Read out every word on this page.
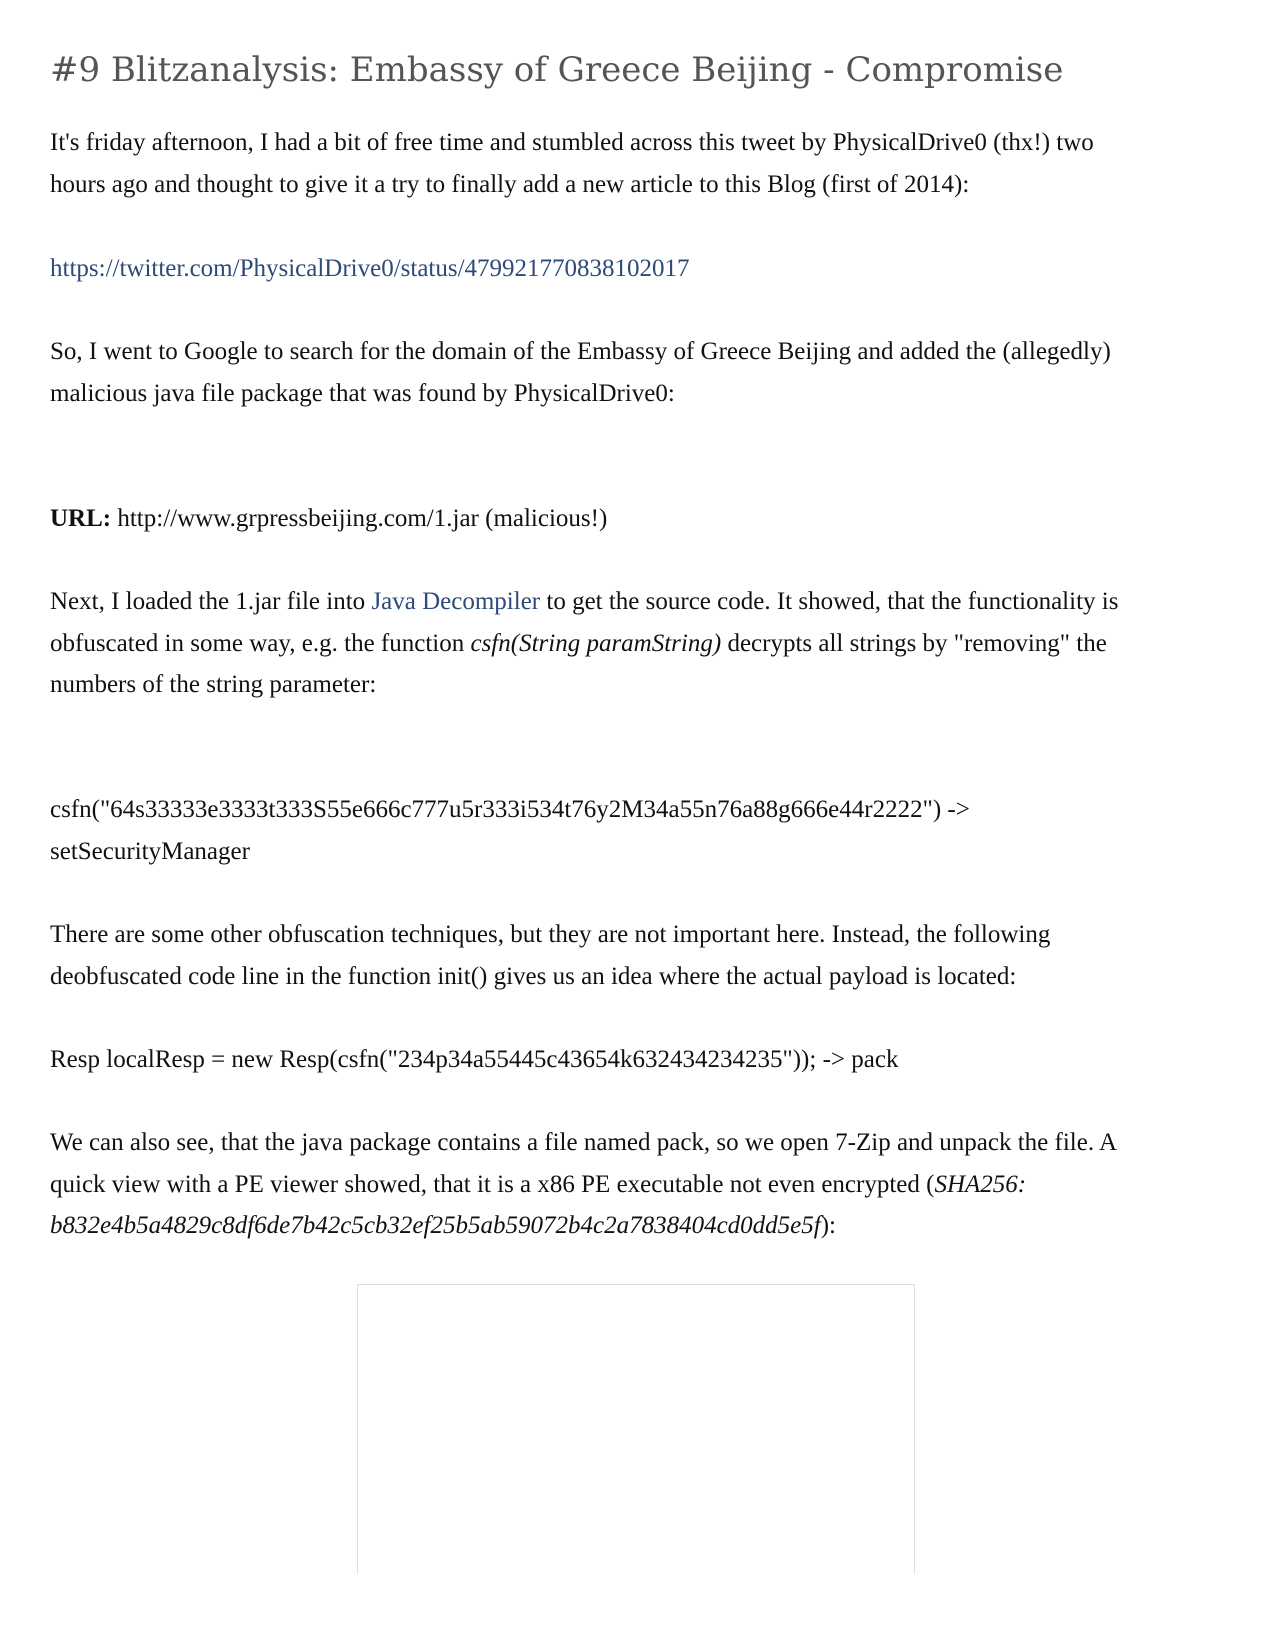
#9 Blitzanalysis: Embassy of Greece Beijing - Compromise

It's friday afternoon, I had a bit of free time and stumbled across this tweet by PhysicalDrive0 (thx!) two
hours ago and thought to give it a try to finally add a new article to this Blog (first of 2014):

https://twitter.com/PhysicalDrive0/status/479921770838102017

So, I went to Google to search for the domain of the Embassy of Greece Beijing and added the (allegedly)
malicious java file package that was found by PhysicalDrive0:

URL: http://www.grpressbeijing.com/1.jar (malicious!)

Next, I loaded the 1.jar file into Java Decompiler to get the source code. It showed, that the functionality is
obfuscated in some way, e.g. the function csfn(String paramString) decrypts all strings by "removing" the
numbers of the string parameter:

csfn("64s33333e3333t333S55e666c777u5r333i534t76y2M34a55n76a88g666e44r2222") ->
setSecurityManager

There are some other obfuscation techniques, but they are not important here. Instead, the following
deobfuscated code line in the function init() gives us an idea where the actual payload is located:

Resp localResp = new Resp(csfn("234p34a55445c43654k632434234235")); -> pack

We can also see, that the java package contains a file named pack, so we open 7-Zip and unpack the file. A
quick view with a PE viewer showed, that it is a x86 PE executable not even encrypted (SHA256:
b832e4b5a4829c8df6de7b42c5cb32ef25b5ab59072b4c2a7838404cd0dd5e5f):
